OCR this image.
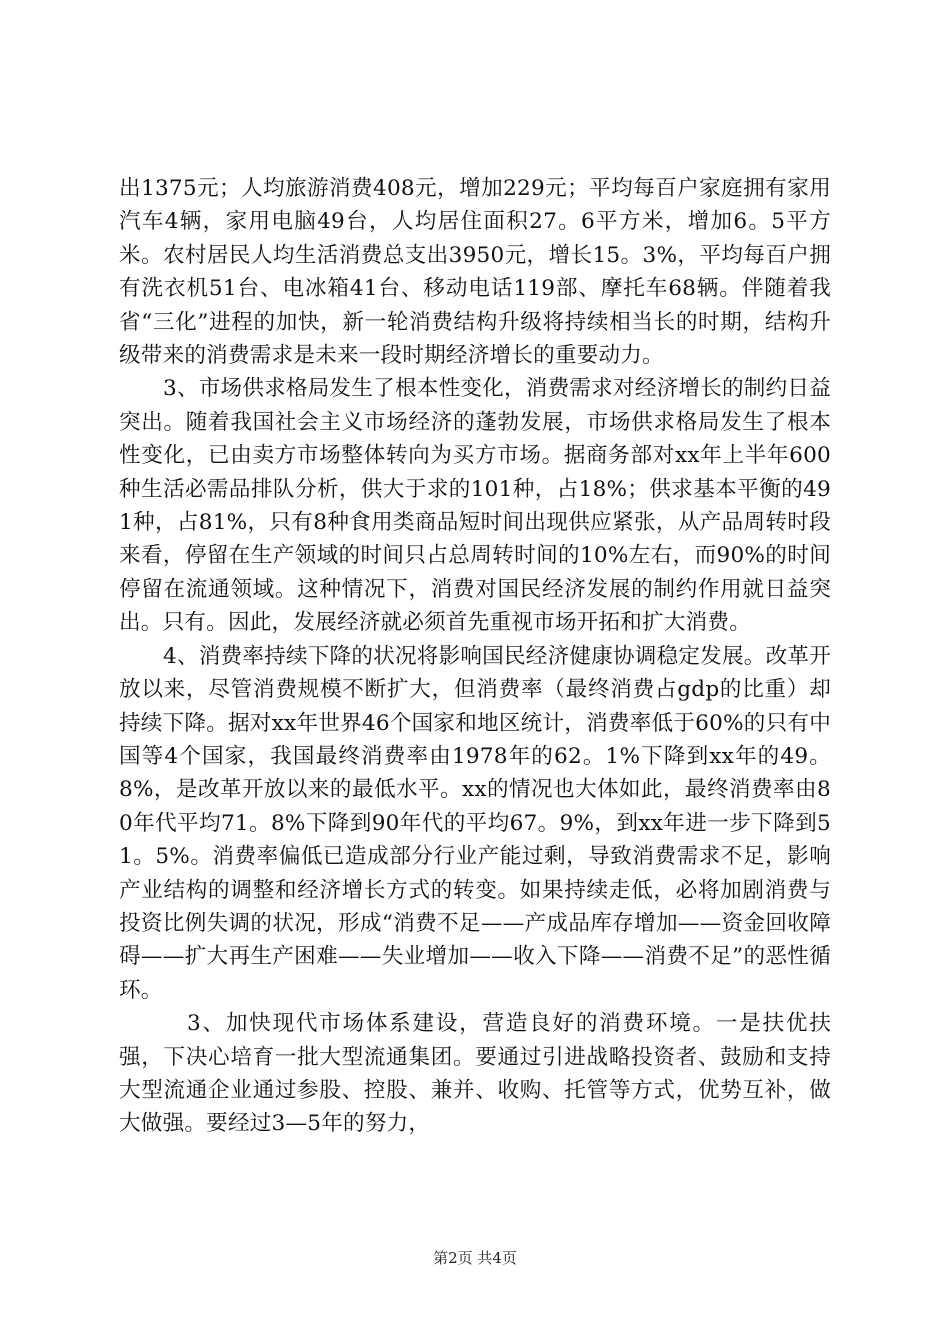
出1375元；人均旅游消费408元，增加229元；平均每百户家庭拥有家用汽车4辆，家用电脑49台，人均居住面积27。6平方米，增加6。5平方米。农村居民人均生活消费总支出3950元，增长15。3%，平均每百户拥有洗衣机51台、电冰箱41台、移动电话119部、摩托车68辆。伴随着我省“三化”进程的加快，新一轮消费结构升级将持续相当长的时期，结构升级带来的消费需求是未来一段时期经济增长的重要动力。

3、市场供求格局发生了根本性变化，消费需求对经济增长的制约日益突出。随着我国社会主义市场经济的蓬勃发展，市场供求格局发生了根本性变化，已由卖方市场整体转向为买方市场。据商务部对xx年上半年600种生活必需品排队分析，供大于求的101种，占18%；供求基本平衡的491种，占81%，只有8种食用类商品短时间出现供应紧张，从产品周转时段来看，停留在生产领域的时间只占总周转时间的10%左右，而90%的时间停留在流通领域。这种情况下，消费对国民经济发展的制约作用就日益突出。只有。因此，发展经济就必须首先重视市场开拓和扩大消费。

4、消费率持续下降的状况将影响国民经济健康协调稳定发展。改革开放以来，尽管消费规模不断扩大，但消费率（最终消费占gdp的比重）却持续下降。据对xx年世界46个国家和地区统计，消费率低于60%的只有中国等4个国家，我国最终消费率由1978年的62。1%下降到xx年的49。8%，是改革开放以来的最低水平。xx的情况也大体如此，最终消费率由80年代平均71。8%下降到90年代的平均67。9%，到xx年进一步下降到51。5%。消费率偏低已造成部分行业产能过剩，导致消费需求不足，影响产业结构的调整和经济增长方式的转变。如果持续走低，必将加剧消费与投资比例失调的状况，形成“消费不足——产成品库存增加——资金回收障碍——扩大再生产困难——失业增加——收入下降——消费不足”的恶性循环。

3、加快现代市场体系建设，营造良好的消费环境。一是扶优扶强，下决心培育一批大型流通集团。要通过引进战略投资者、鼓励和支持大型流通企业通过参股、控股、兼并、收购、托管等方式，优势互补，做大做强。要经过3—5年的努力，

第2页 共4页
